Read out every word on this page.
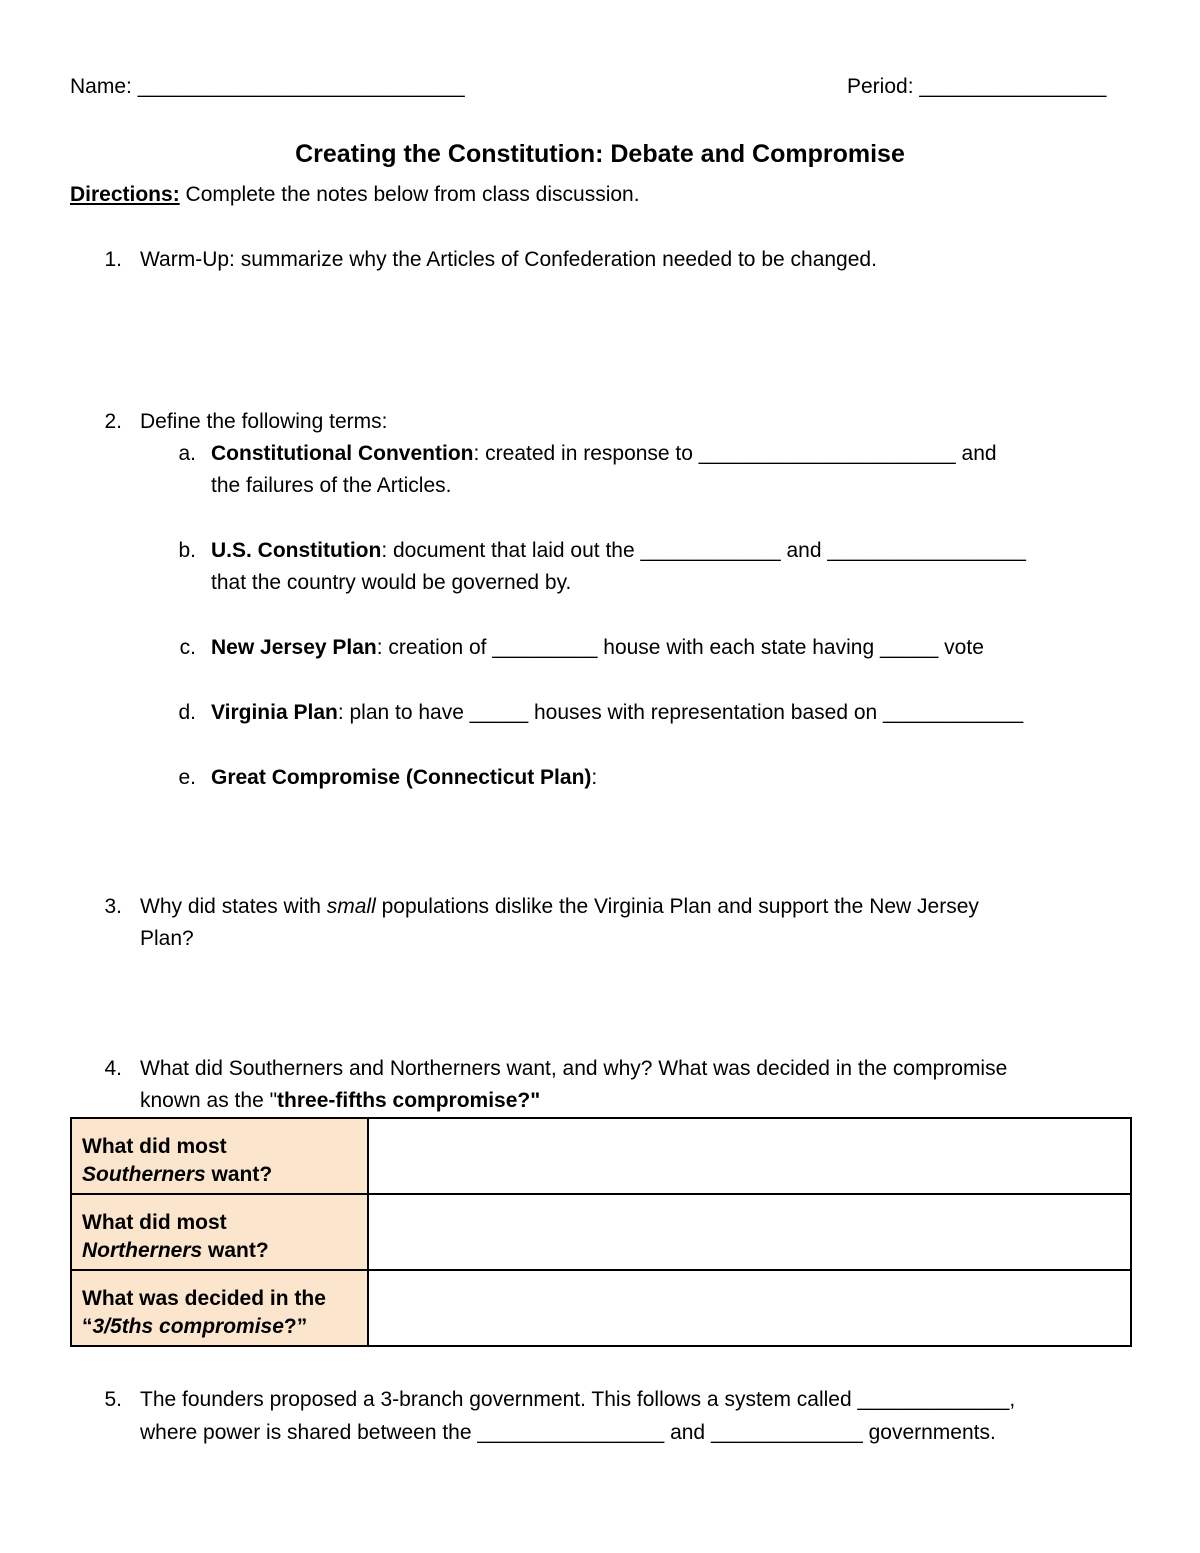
Name: ____________________________	Period: ________________
Creating the Constitution: Debate and Compromise
Directions: Complete the notes below from class discussion.
1. Warm-Up: summarize why the Articles of Confederation needed to be changed.
2. Define the following terms:
a. Constitutional Convention: created in response to ______________________ and
the failures of the Articles.
b. U.S. Constitution: document that laid out the ____________ and _________________
that the country would be governed by.
c. New Jersey Plan: creation of _________ house with each state having _____ vote
d. Virginia Plan: plan to have _____ houses with representation based on ____________
e. Great Compromise (Connecticut Plan):
3. Why did states with small populations dislike the Virginia Plan and support the New Jersey
Plan?
4. What did Southerners and Northerners want, and why? What was decided in the compromise
known as the "three-fifths compromise?"
What did most
Southerners want?	
What did most
Northerners want?	
What was decided in the
“3/5ths compromise?”	
5. The founders proposed a 3-branch government. This follows a system called _____________,
where power is shared between the ________________ and _____________ governments.
